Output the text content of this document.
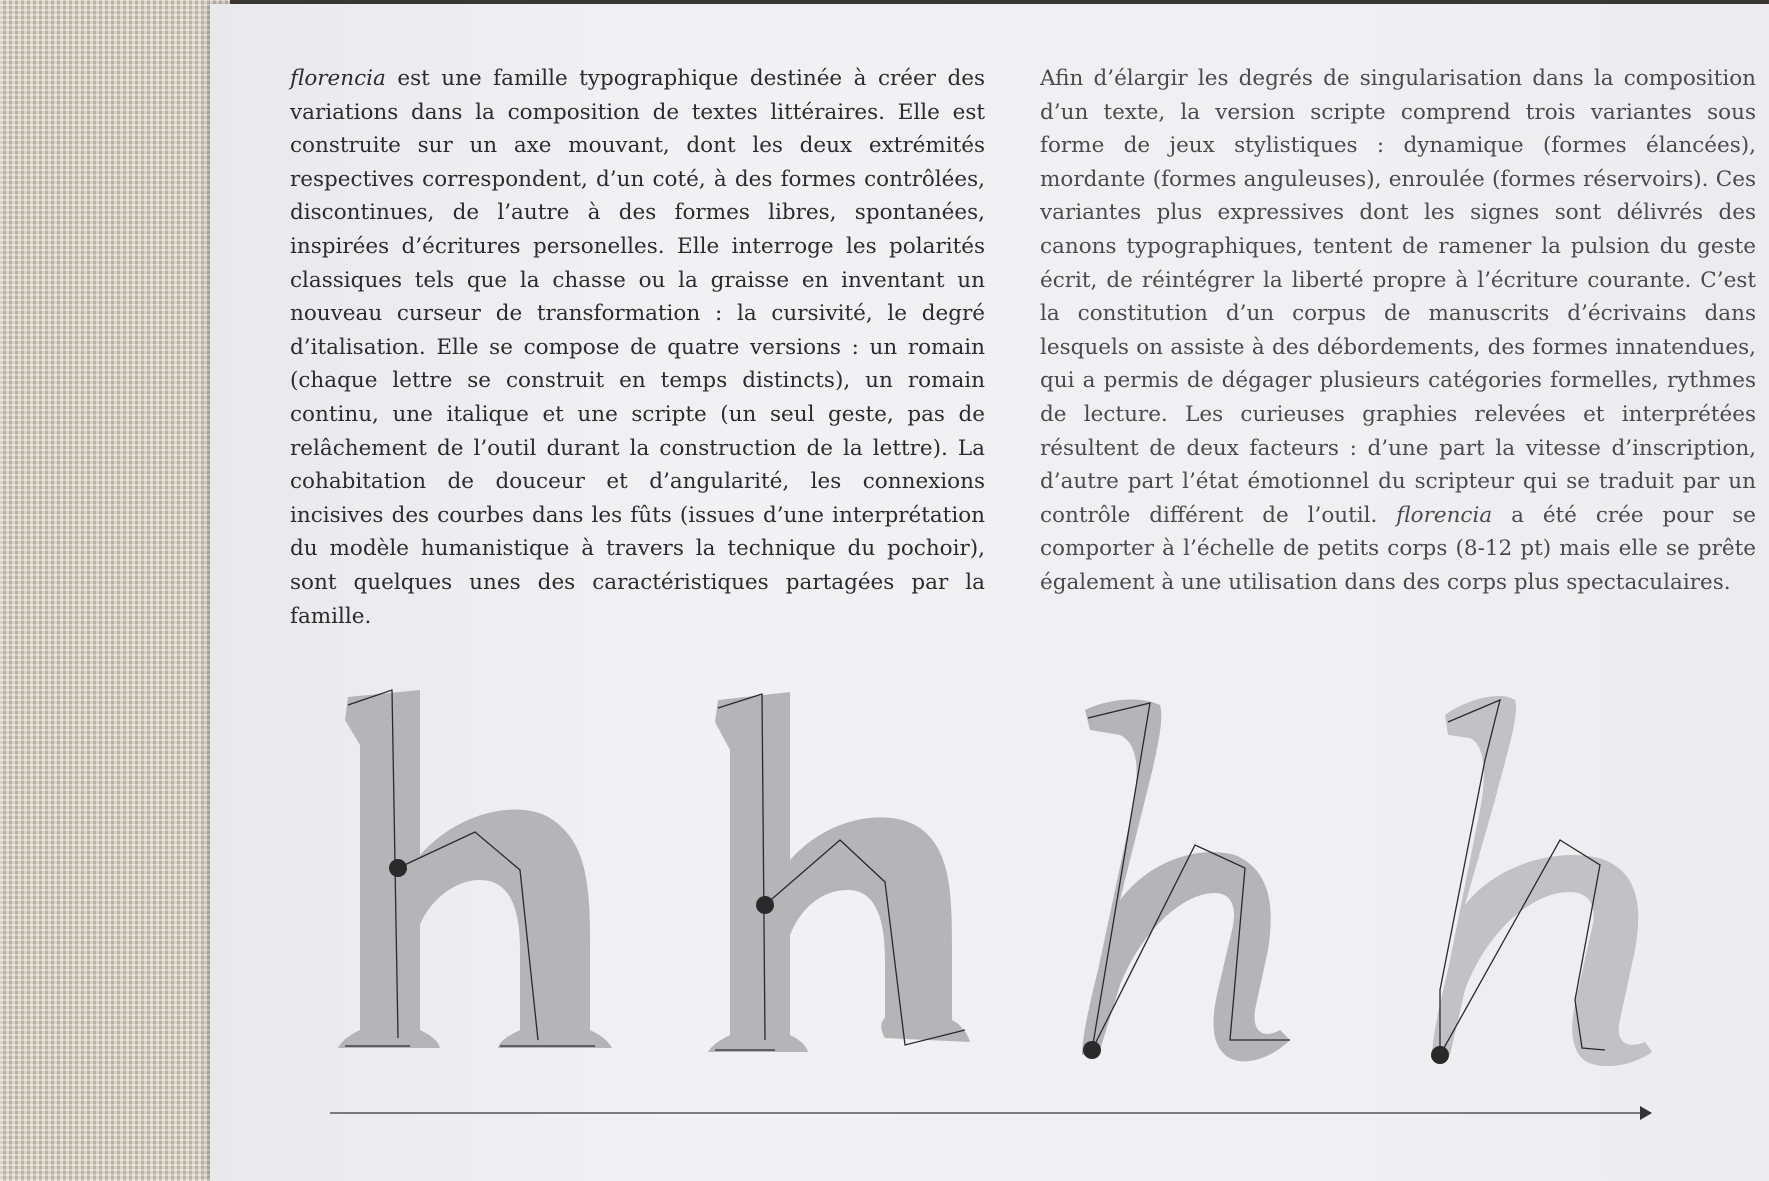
florencia est une famille typographique destinée à créer des variations dans la composition de textes littéraires. Elle est construite sur un axe mouvant, dont les deux extrémités respectives correspondent, d’un coté, à des formes contrôlées, discontinues, de l’autre à des formes libres, spontanées, inspirées d’écritures personelles. Elle interroge les polarités classiques tels que la chasse ou la graisse en inventant un nouveau curseur de transformation : la cursivité, le degré d’italisation. Elle se compose de quatre versions : un romain (chaque lettre se construit en temps distincts), un romain continu, une italique et une scripte (un seul geste, pas de relâchement de l’outil durant la construction de la lettre). La cohabitation de douceur et d’angularité, les connexions incisives des courbes dans les fûts (issues d’une interprétation du modèle humanistique à travers la technique du pochoir), sont quelques unes des caractéristiques partagées par la famille.

Afin d’élargir les degrés de singularisation dans la composition d’un texte, la version scripte comprend trois variantes sous forme de jeux stylistiques : dynamique (formes élancées), mordante (formes anguleuses), enroulée (formes réservoirs). Ces variantes plus expressives dont les signes sont délivrés des canons typographiques, tentent de ramener la pulsion du geste écrit, de réintégrer la liberté propre à l’écriture courante. C’est la constitution d’un corpus de manuscrits d’écrivains dans lesquels on assiste à des débordements, des formes innatendues, qui a permis de dégager plusieurs catégories formelles, rythmes de lecture. Les curieuses graphies relevées et interprétées résultent de deux facteurs : d’une part la vitesse d’inscription, d’autre part l’état émotionnel du scripteur qui se traduit par un contrôle différent de l’outil. florencia a été crée pour se comporter à l’échelle de petits corps (8-12 pt) mais elle se prête également à une utilisation dans des corps plus spectaculaires.
